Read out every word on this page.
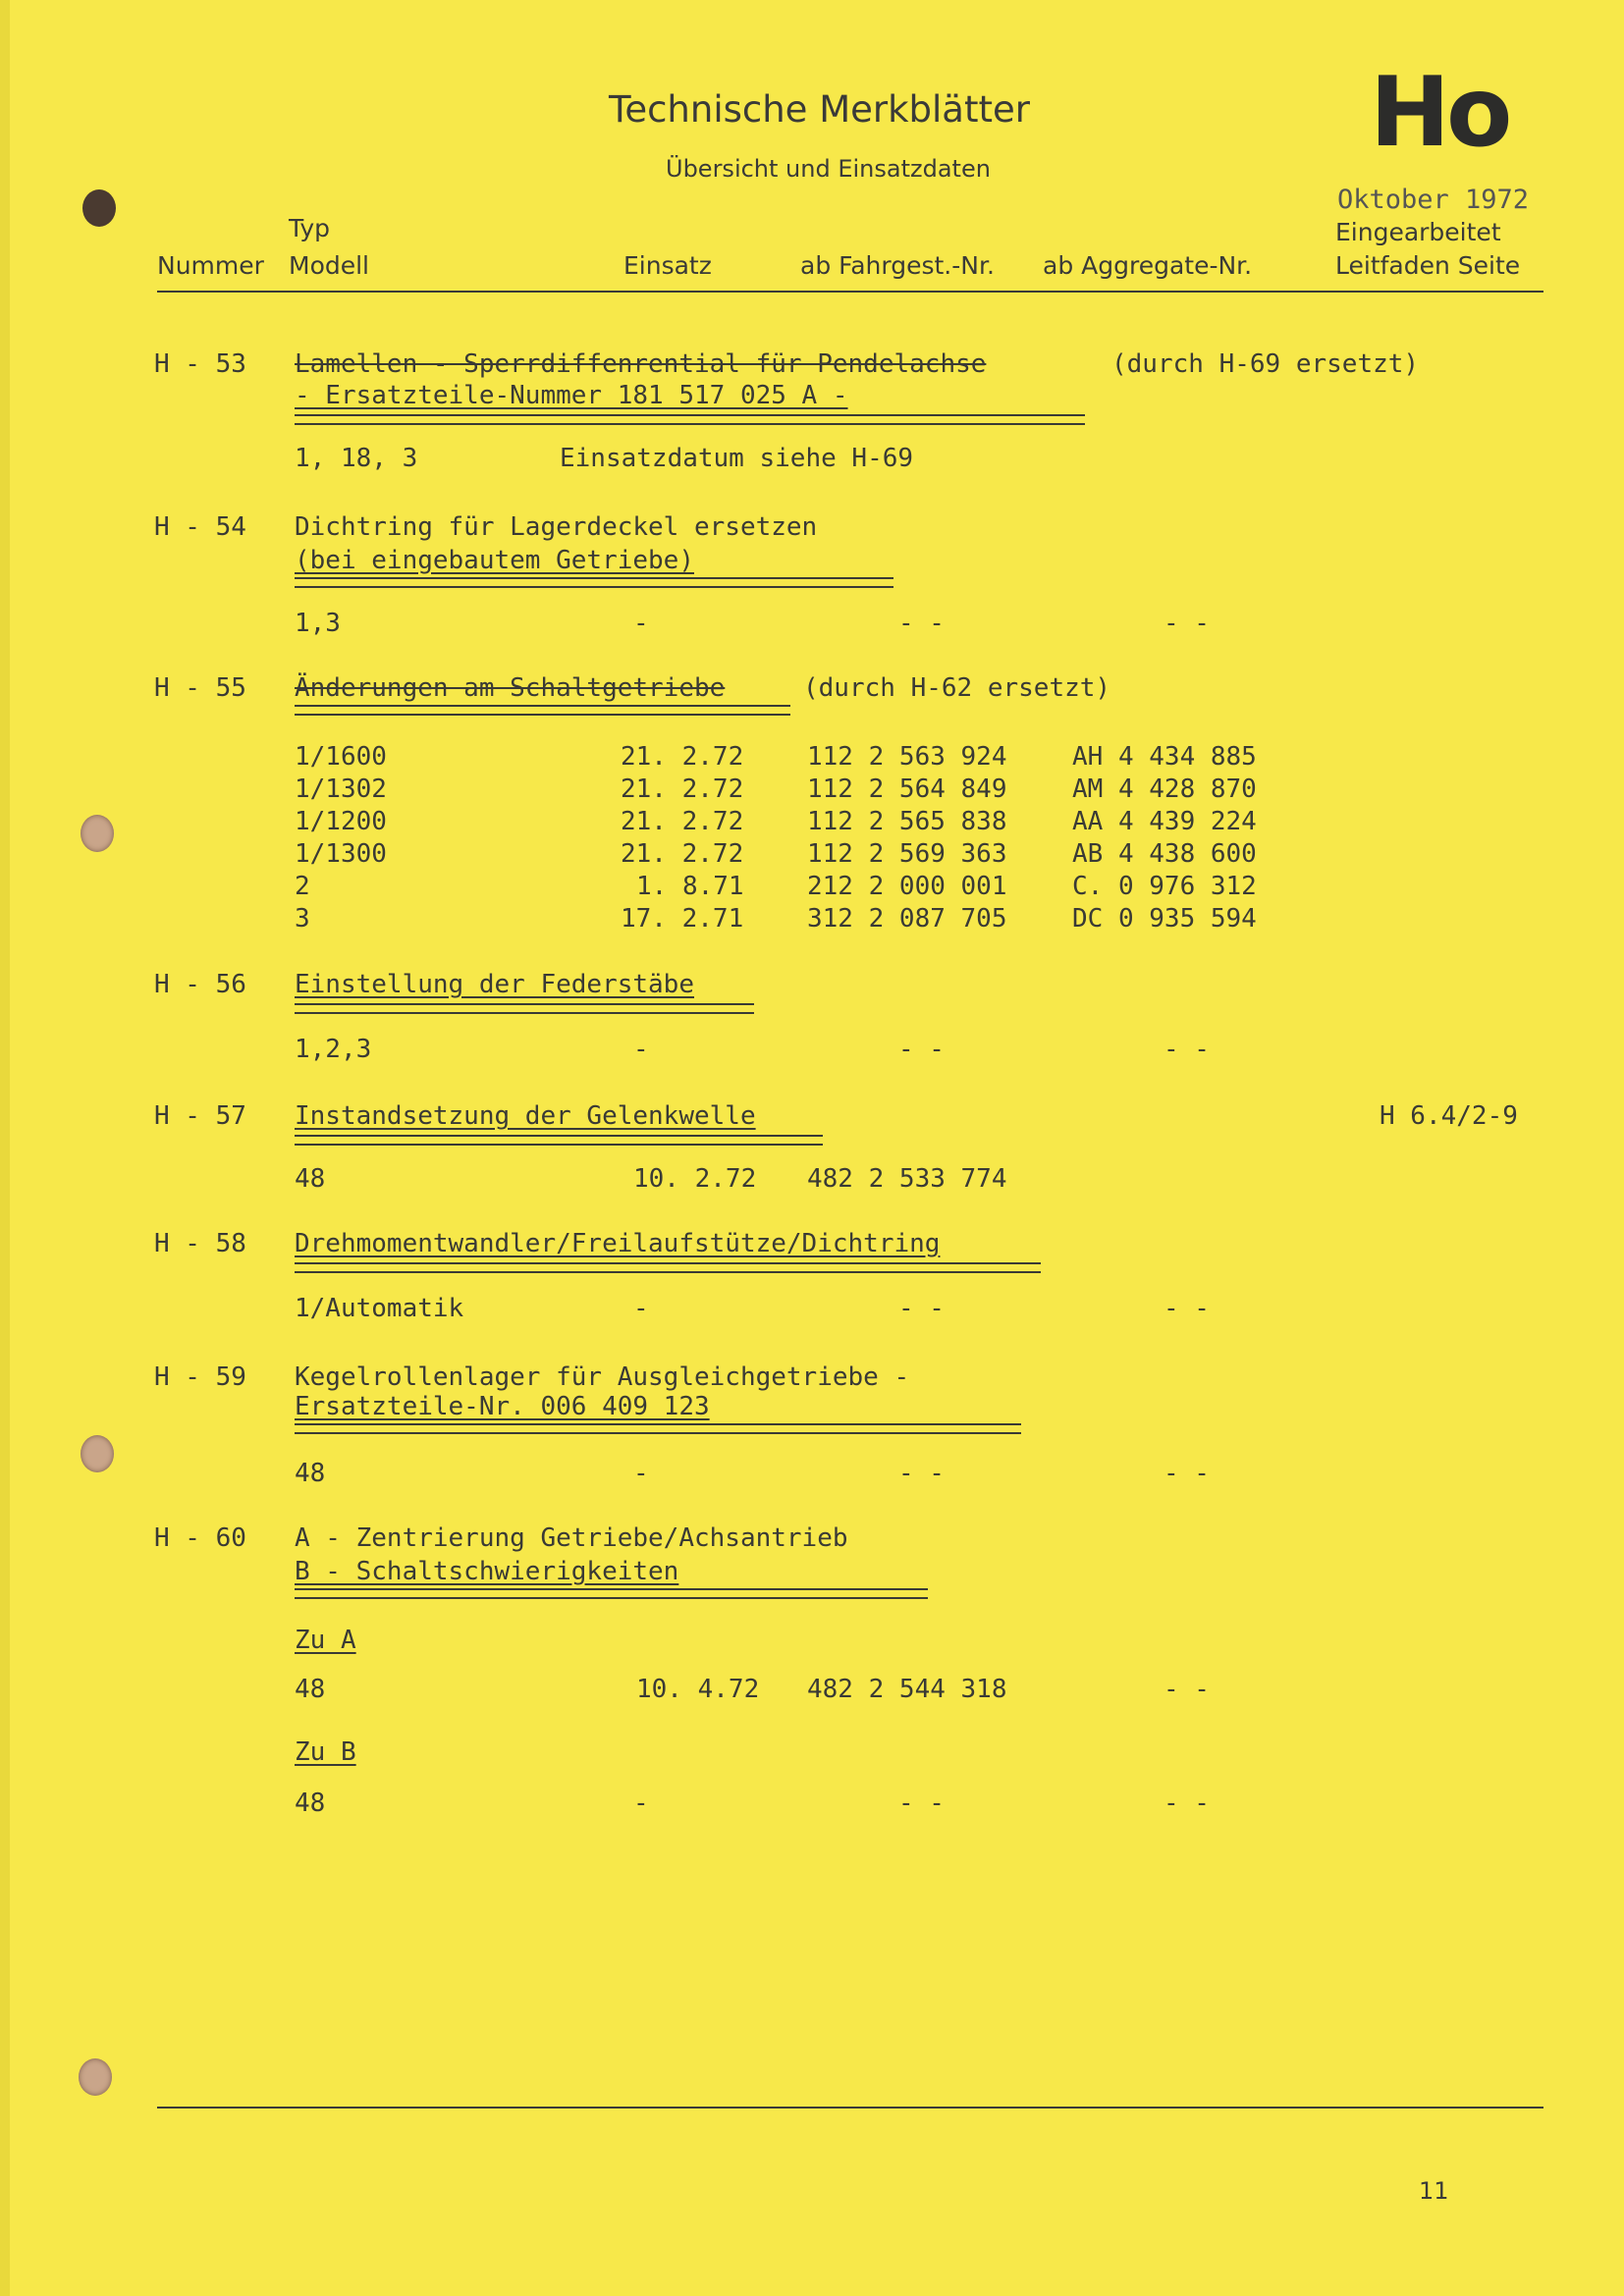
Technische Merkblätter
Übersicht und Einsatzdaten	Ho
Oktober 1972
Typ
Nummer Modell	Einsatz	ab Fahrgest.-Nr. ab Aggregate-Nr.
Eingearbeitet
Leitfaden Seite
H - 53 Lamellen - Sperrdiffenrential für Pendelachse	(durch H-69 ersetzt)
- Ersatzteile-Nummer 181 517 025 A -
1, 18, 3	Einsatzdatum siehe H-69
H - 54 Dichtring für Lagerdeckel ersetzen
(bei eingebautem Getriebe)
1,3	-	- -	- -
H - 55 Änderungen am Schaltgetriebe	(durch H-62 ersetzt)
1/1600	21. 2.72 112 2 563 924	AH 4 434 885
1/1302	21. 2.72 112 2 564 849	AM 4 428 870
1/1200	21. 2.72 112 2 565 838	AA 4 439 224
1/1300	21. 2.72 112 2 569 363	AB 4 438 600
2	1. 8.71 212 2 000 001	C. 0 976 312
3	17. 2.71 312 2 087 705	DC 0 935 594
H - 56 Einstellung der Federstäbe
1,2,3	-	- -	- -
H - 57 Instandsetzung der Gelenkwelle	H 6.4/2-9
48	10. 2.72 482 2 533 774
H - 58 Drehmomentwandler/Freilaufstütze/Dichtring
1/Automatik	-	- -	- -
H - 59 Kegelrollenlager für Ausgleichgetriebe -
Ersatzteile-Nr. 006 409 123
48	-	- -	- -
H - 60 A - Zentrierung Getriebe/Achsantrieb
B - Schaltschwierigkeiten
Zu A
48	10. 4.72 482 2 544 318	- -
Zu B
48	-	- -	- -
11
